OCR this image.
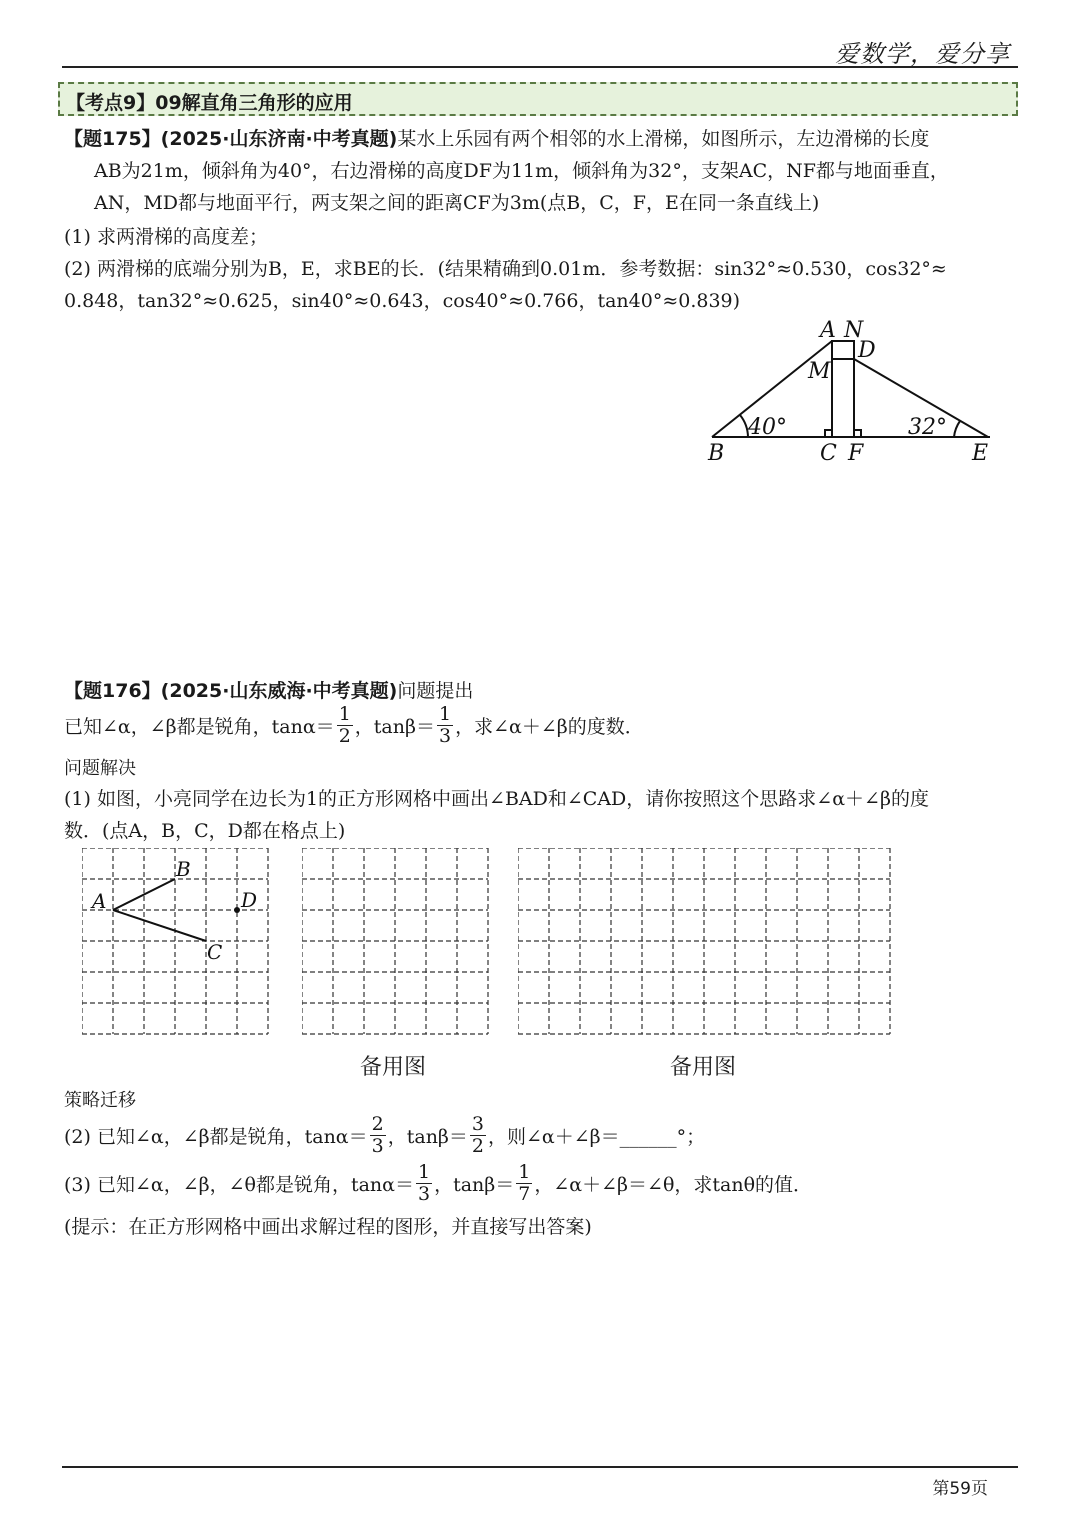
爱数学，爱分享
【考点9】09解直角三角形的应用
【题175】(2025·山东济南·中考真题)某水上乐园有两个相邻的水上滑梯，如图所示，左边滑梯的长度
AB为21m，倾斜角为40°，右边滑梯的高度DF为11m，倾斜角为32°，支架AC，NF都与地面垂直，
AN，MD都与地面平行，两支架之间的距离CF为3m(点B，C，F，E在同一条直线上)
(1) 求两滑梯的高度差；
(2) 两滑梯的底端分别为B，E，求BE的长．(结果精确到0.01m．参考数据：sin32°≈0.530，cos32°≈
0.848，tan32°≈0.625，sin40°≈0.643，cos40°≈0.766，tan40°≈0.839)
A N
D
M
B	C F	E
40°	32°
【题176】(2025·山东威海·中考真题)问题提出
已知∠α，∠β都是锐角，$\tan\alpha= \frac{1}{2}$ ，$\tan\beta= \frac{1}{3}$ ，求∠α＋∠β的度数．
问题解决
(1) 如图，小亮同学在边长为1的正方形网格中画出∠BAD和∠CAD，请你按照这个思路求∠α＋∠β的度
数．(点A，B，C，D都在格点上)
A
B
C
D
备用图	备用图
策略迁移
(2) 已知∠α，∠β都是锐角，$\tan\alpha= \frac{2}{3}$ ，$\tan\beta= \frac{3}{2}$ ，则∠α＋∠β＝______°；
(3) 已知∠α，∠β，∠θ都是锐角，$\tan\alpha= \frac{1}{3}$ ，$\tan\beta= \frac{1}{7}$ ，∠α＋∠β＝∠θ，求tanθ的值．
(提示：在正方形网格中画出求解过程的图形，并直接写出答案)
第59页
